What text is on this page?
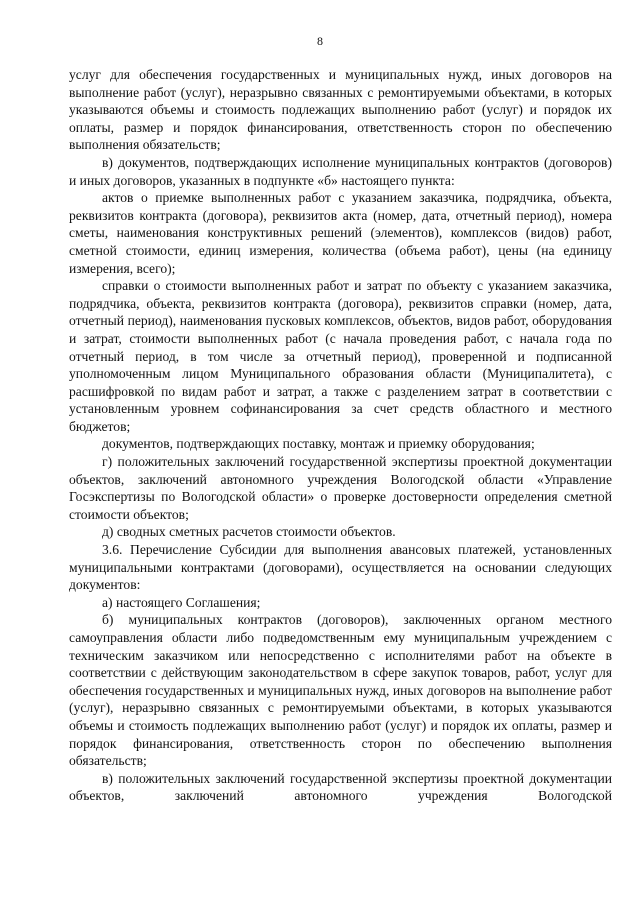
8

услуг для обеспечения государственных и муниципальных нужд, иных договоров на выполнение работ (услуг), неразрывно связанных с ремонтируемыми объектами, в которых указываются объемы и стоимость подлежащих выполнению работ (услуг) и порядок их оплаты, размер и порядок финансирования, ответственность сторон по обеспечению выполнения обязательств;

в) документов, подтверждающих исполнение муниципальных контрактов (договоров) и иных договоров, указанных в подпункте «б» настоящего пункта:

актов о приемке выполненных работ с указанием заказчика, подрядчика, объекта, реквизитов контракта (договора), реквизитов акта (номер, дата, отчетный период), номера сметы, наименования конструктивных решений (элементов), комплексов (видов) работ, сметной стоимости, единиц измерения, количества (объема работ), цены (на единицу измерения, всего);

справки о стоимости выполненных работ и затрат по объекту с указанием заказчика, подрядчика, объекта, реквизитов контракта (договора), реквизитов справки (номер, дата, отчетный период), наименования пусковых комплексов, объектов, видов работ, оборудования и затрат, стоимости выполненных работ (с начала проведения работ, с начала года по отчетный период, в том числе за отчетный период), проверенной и подписанной уполномоченным лицом Муниципального образования области (Муниципалитета), с расшифровкой по видам работ и затрат, а также с разделением затрат в соответствии с установленным уровнем софинансирования за счет средств областного и местного бюджетов;

документов, подтверждающих поставку, монтаж и приемку оборудования;

г) положительных заключений государственной экспертизы проектной документации объектов, заключений автономного учреждения Вологодской области «Управление Госэкспертизы по Вологодской области» о проверке достоверности определения сметной стоимости объектов;

д) сводных сметных расчетов стоимости объектов.

3.6. Перечисление Субсидии для выполнения авансовых платежей, установленных муниципальными контрактами (договорами), осуществляется на основании следующих документов:

а) настоящего Соглашения;

б) муниципальных контрактов (договоров), заключенных органом местного самоуправления области либо подведомственным ему муниципальным учреждением с техническим заказчиком или непосредственно с исполнителями работ на объекте в соответствии с действующим законодательством в сфере закупок товаров, работ, услуг для обеспечения государственных и муниципальных нужд, иных договоров на выполнение работ (услуг), неразрывно связанных с ремонтируемыми объектами, в которых указываются объемы и стоимость подлежащих выполнению работ (услуг) и порядок их оплаты, размер и порядок финансирования, ответственность сторон по обеспечению выполнения обязательств;

в) положительных заключений государственной экспертизы проектной документации объектов, заключений автономного учреждения Вологодской
